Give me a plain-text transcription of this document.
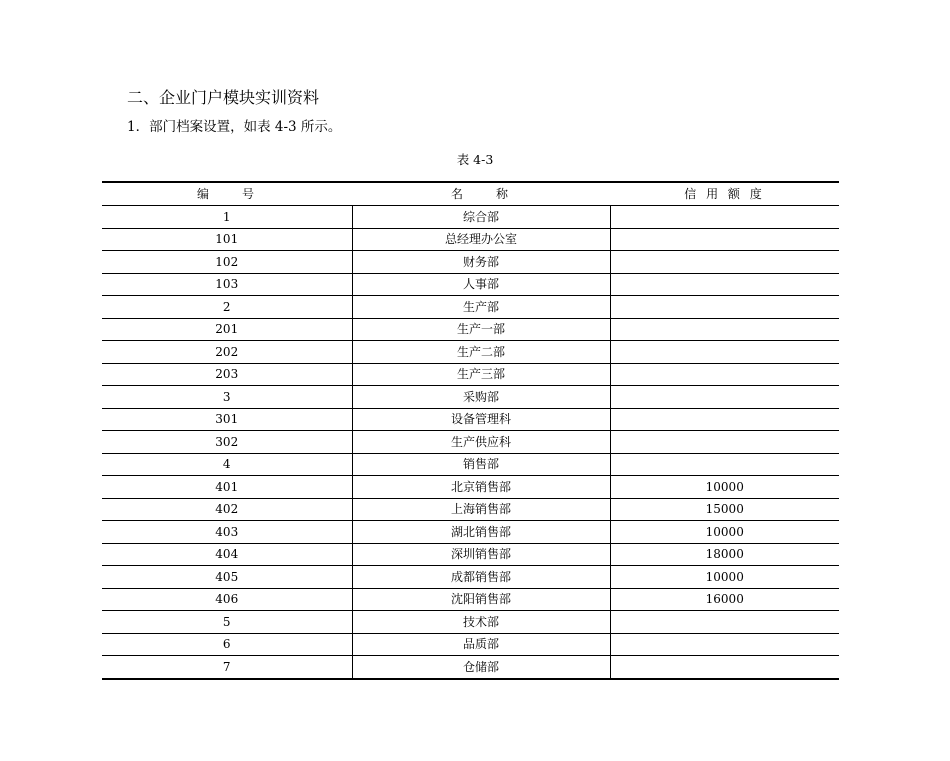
二、企业门户模块实训资料
1．部门档案设置，如表 4-3 所示。
表 4-3
编　　号	名　　称	信 用 额 度
1	综合部	
101	总经理办公室	
102	财务部	
103	人事部	
2	生产部	
201	生产一部	
202	生产二部	
203	生产三部	
3	采购部	
301	设备管理科	
302	生产供应科	
4	销售部	
401	北京销售部	10000
402	上海销售部	15000
403	湖北销售部	10000
404	深圳销售部	18000
405	成都销售部	10000
406	沈阳销售部	16000
5	技术部	
6	品质部	
7	仓储部	
